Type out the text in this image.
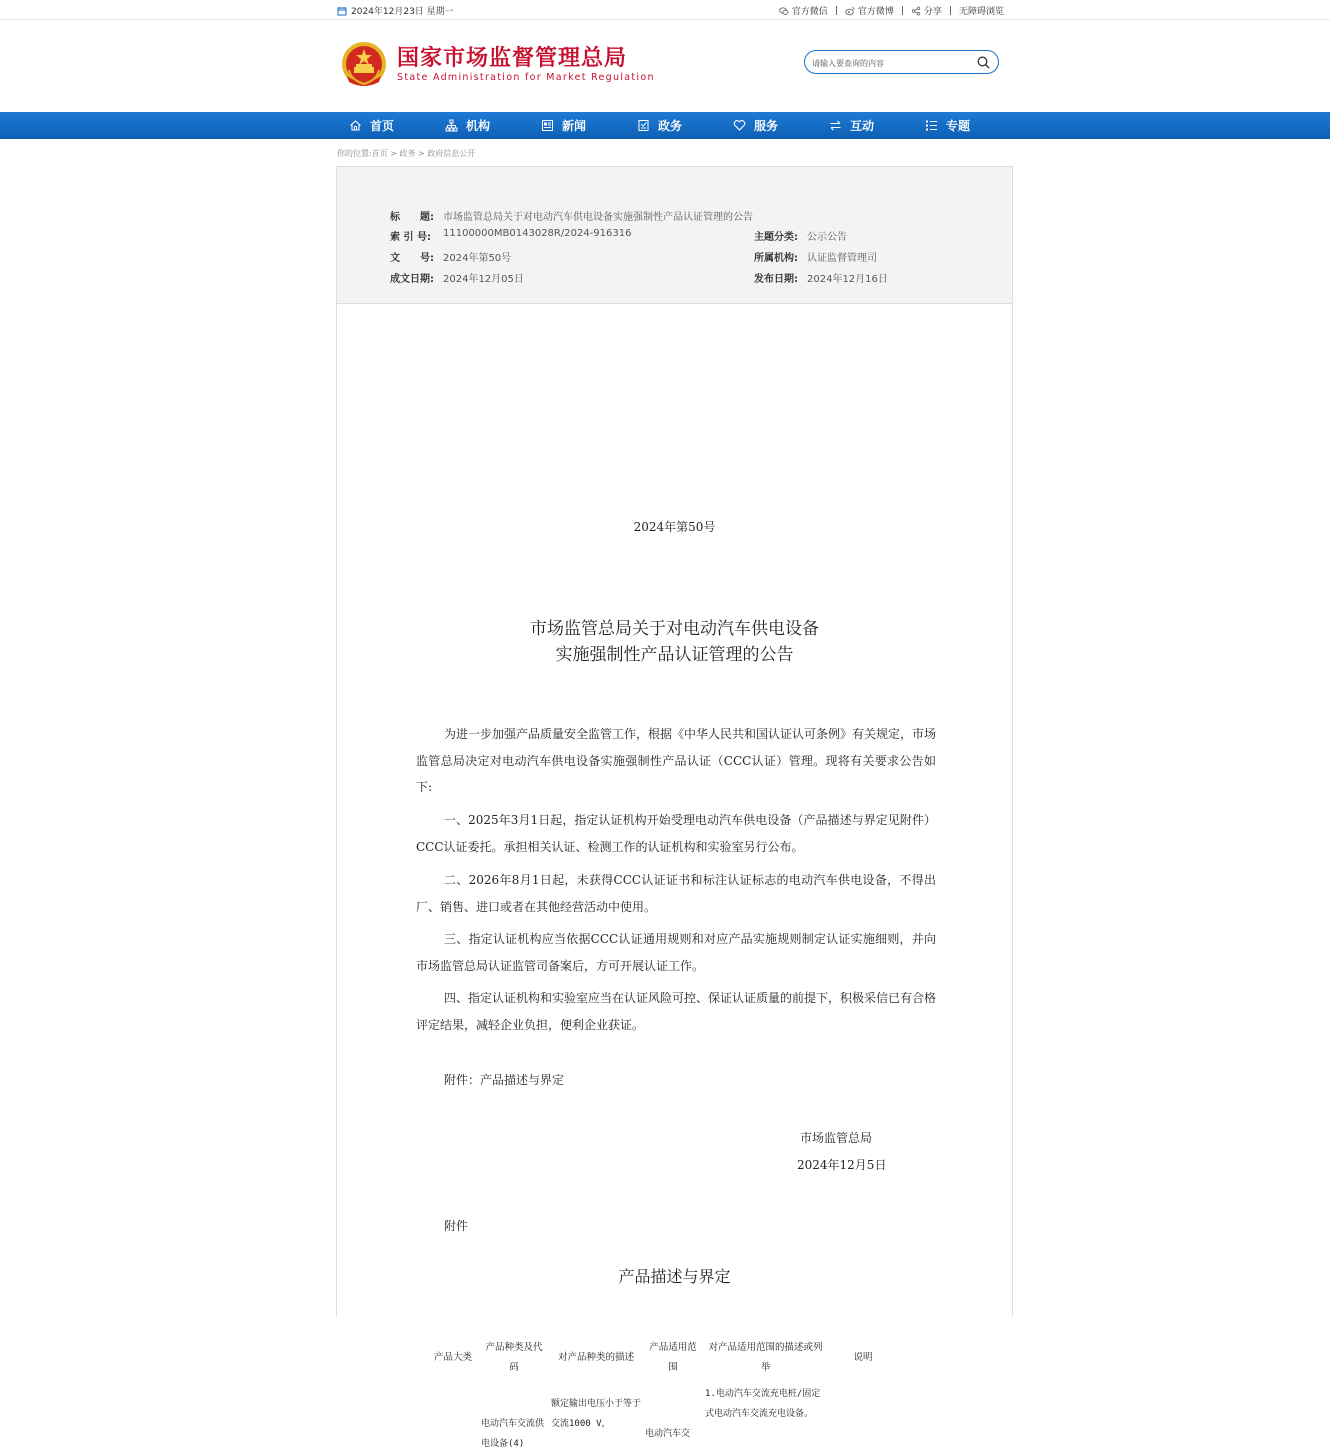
2024年12月23日 星期一	官方微信 | 官方微博 | 分享 | 无障碍浏览
国家市场监督管理总局
State Administration for Market Regulation
请输入要查询的内容
首页	机构	新闻	政务	服务	互动	专题
你的位置:首页 > 政务 > 政府信息公开
标　　题: 市场监管总局关于对电动汽车供电设备实施强制性产品认证管理的公告
索 引 号:	11100000MB0143028R/2024-916316	主题分类: 公示公告
文　　号: 2024年第50号	所属机构: 认证监督管理司
成文日期: 2024年12月05日	发布日期: 2024年12月16日
2024年第50号
市场监管总局关于对电动汽车供电设备
实施强制性产品认证管理的公告

为进一步加强产品质量安全监管工作，根据《中华人民共和国认证认可条例》有关规定，市场监管总局决定对电动汽车供电设备实施强制性产品认证（CCC认证）管理。现将有关要求公告如下:

一、2025年3月1日起，指定认证机构开始受理电动汽车供电设备（产品描述与界定见附件）CCC认证委托。承担相关认证、检测工作的认证机构和实验室另行公布。

二、2026年8月1日起，未获得CCC认证证书和标注认证标志的电动汽车供电设备，不得出厂、销售、进口或者在其他经营活动中使用。

三、指定认证机构应当依据CCC认证通用规则和对应产品实施规则制定认证实施细则，并向市场监管总局认证监管司备案后，方可开展认证工作。

四、指定认证机构和实验室应当在认证风险可控、保证认证质量的前提下，积极采信已有合格评定结果，减轻企业负担，便利企业获证。

附件：产品描述与界定

市场监管总局
2024年12月5日
附件
产品描述与界定
产品大类	产品种类及代码	对产品种类的描述	产品适用范围	对产品适用范围的描述或列举	说明
	电动汽车交流供电设备(4)	额定输出电压小于等于交流1000 V，	电动汽车交	1.电动汽车交流充电桩/固定式电动汽车交流充电设备。	
